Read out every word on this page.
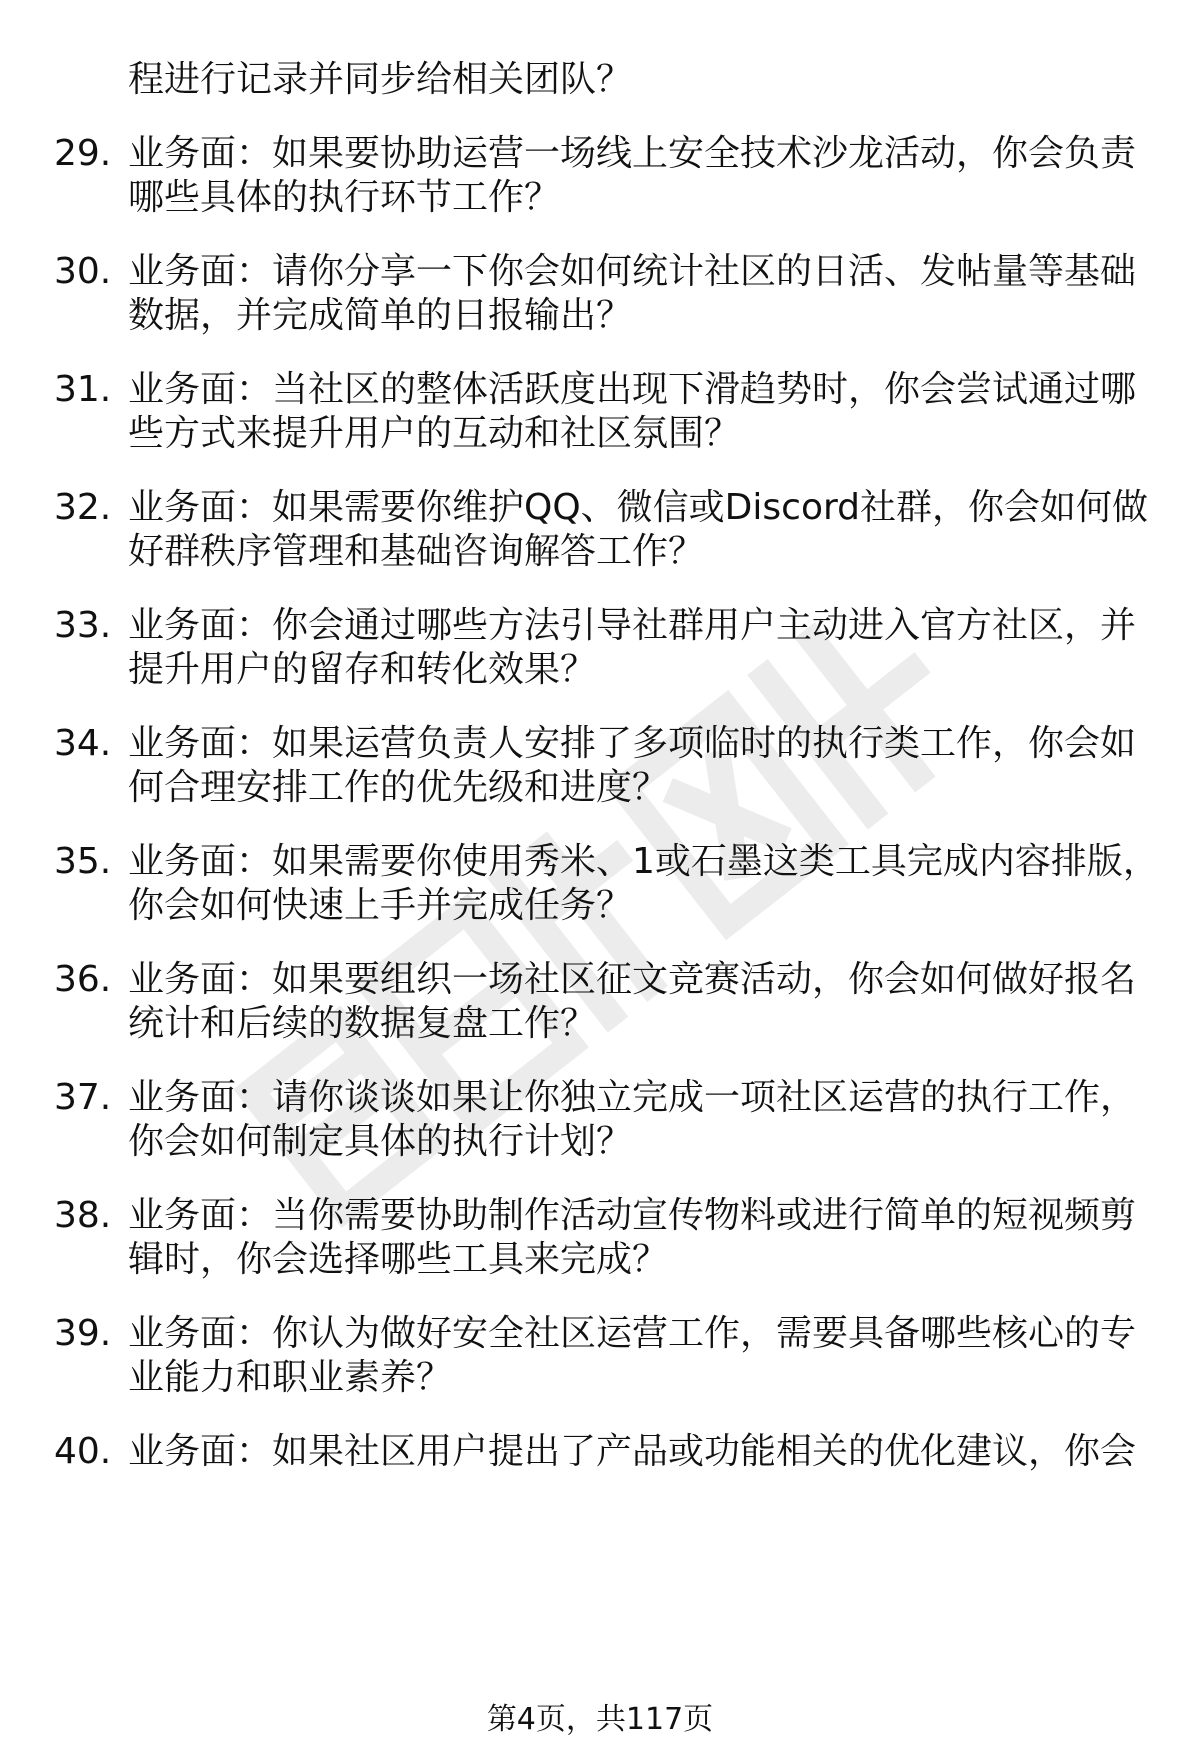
程进行记录并同步给相关团队？
29. 业务面：如果要协助运营一场线上安全技术沙龙活动，你会负责
哪些具体的执行环节工作？
30. 业务面：请你分享一下你会如何统计社区的日活、发帖量等基础
数据，并完成简单的日报输出？
31. 业务面：当社区的整体活跃度出现下滑趋势时，你会尝试通过哪
些方式来提升用户的互动和社区氛围？
32. 业务面：如果需要你维护QQ、微信或Discord社群，你会如何做
好群秩序管理和基础咨询解答工作？
33. 业务面：你会通过哪些方法引导社群用户主动进入官方社区，并
提升用户的留存和转化效果？
34. 业务面：如果运营负责人安排了多项临时的执行类工作，你会如
何合理安排工作的优先级和进度？
35. 业务面：如果需要你使用秀米、1或石墨这类工具完成内容排版，
你会如何快速上手并完成任务？
36. 业务面：如果要组织一场社区征文竞赛活动，你会如何做好报名
统计和后续的数据复盘工作？
37. 业务面：请你谈谈如果让你独立完成一项社区运营的执行工作，
你会如何制定具体的执行计划？
38. 业务面：当你需要协助制作活动宣传物料或进行简单的短视频剪
辑时，你会选择哪些工具来完成？
39. 业务面：你认为做好安全社区运营工作，需要具备哪些核心的专
业能力和职业素养？
40. 业务面：如果社区用户提出了产品或功能相关的优化建议，你会
第4页，共117页
